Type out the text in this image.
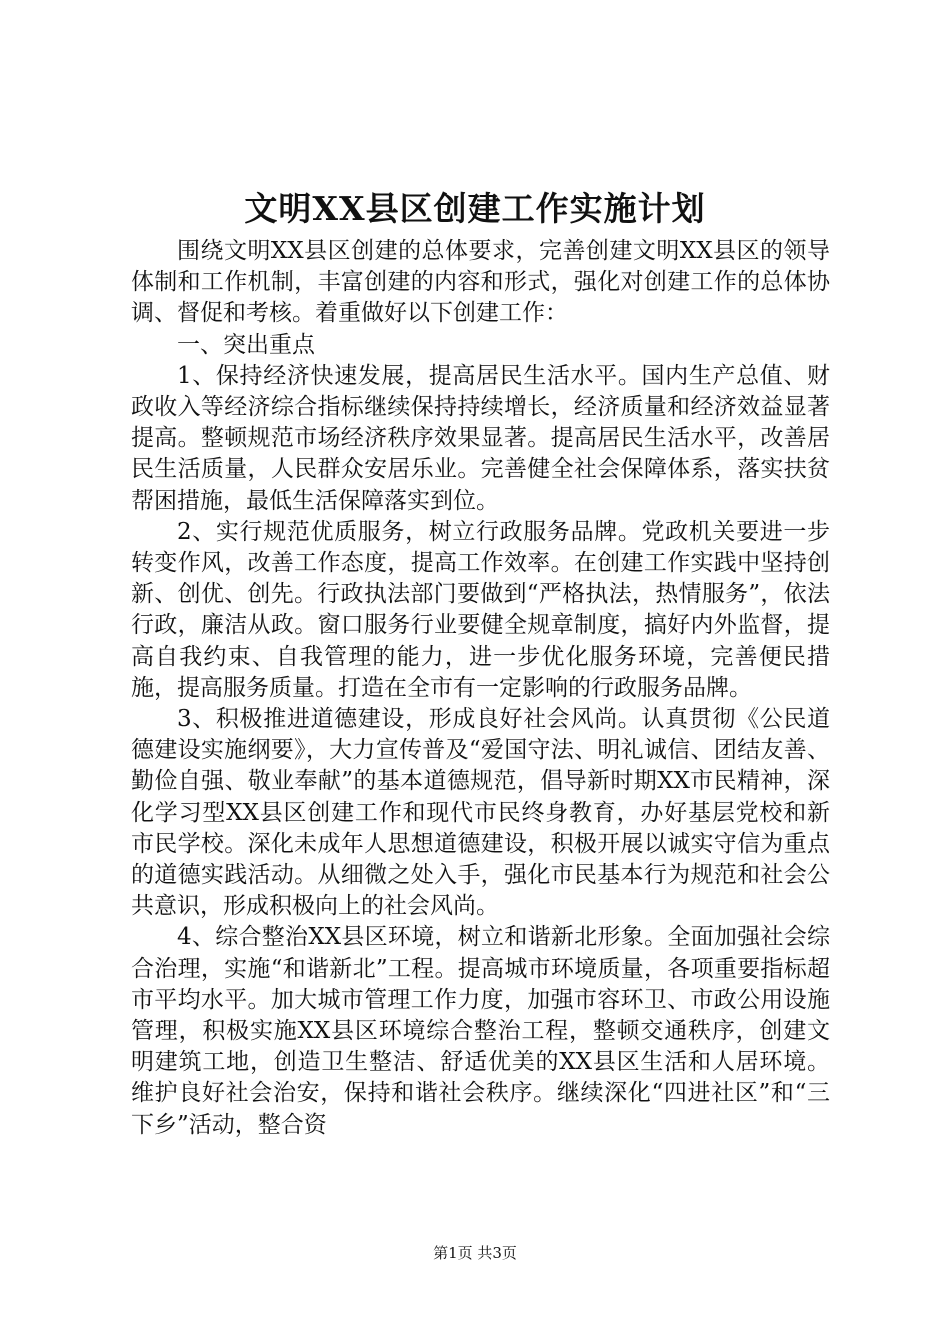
文明XX县区创建工作实施计划

围绕文明XX县区创建的总体要求，完善创建文明XX县区的领导体制和工作机制，丰富创建的内容和形式，强化对创建工作的总体协调、督促和考核。着重做好以下创建工作：

一、突出重点

1、保持经济快速发展，提高居民生活水平。国内生产总值、财政收入等经济综合指标继续保持持续增长，经济质量和经济效益显著提高。整顿规范市场经济秩序效果显著。提高居民生活水平，改善居民生活质量，人民群众安居乐业。完善健全社会保障体系，落实扶贫帮困措施，最低生活保障落实到位。

2、实行规范优质服务，树立行政服务品牌。党政机关要进一步转变作风，改善工作态度，提高工作效率。在创建工作实践中坚持创新、创优、创先。行政执法部门要做到“严格执法，热情服务”，依法行政，廉洁从政。窗口服务行业要健全规章制度，搞好内外监督，提高自我约束、自我管理的能力，进一步优化服务环境，完善便民措施，提高服务质量。打造在全市有一定影响的行政服务品牌。

3、积极推进道德建设，形成良好社会风尚。认真贯彻《公民道德建设实施纲要》，大力宣传普及“爱国守法、明礼诚信、团结友善、勤俭自强、敬业奉献”的基本道德规范，倡导新时期XX市民精神，深化学习型XX县区创建工作和现代市民终身教育，办好基层党校和新市民学校。深化未成年人思想道德建设，积极开展以诚实守信为重点的道德实践活动。从细微之处入手，强化市民基本行为规范和社会公共意识，形成积极向上的社会风尚。

4、综合整治XX县区环境，树立和谐新北形象。全面加强社会综合治理，实施“和谐新北”工程。提高城市环境质量，各项重要指标超市平均水平。加大城市管理工作力度，加强市容环卫、市政公用设施管理，积极实施XX县区环境综合整治工程，整顿交通秩序，创建文明建筑工地，创造卫生整洁、舒适优美的XX县区生活和人居环境。维护良好社会治安，保持和谐社会秩序。继续深化“四进社区”和“三下乡”活动，整合资

第1页 共3页
